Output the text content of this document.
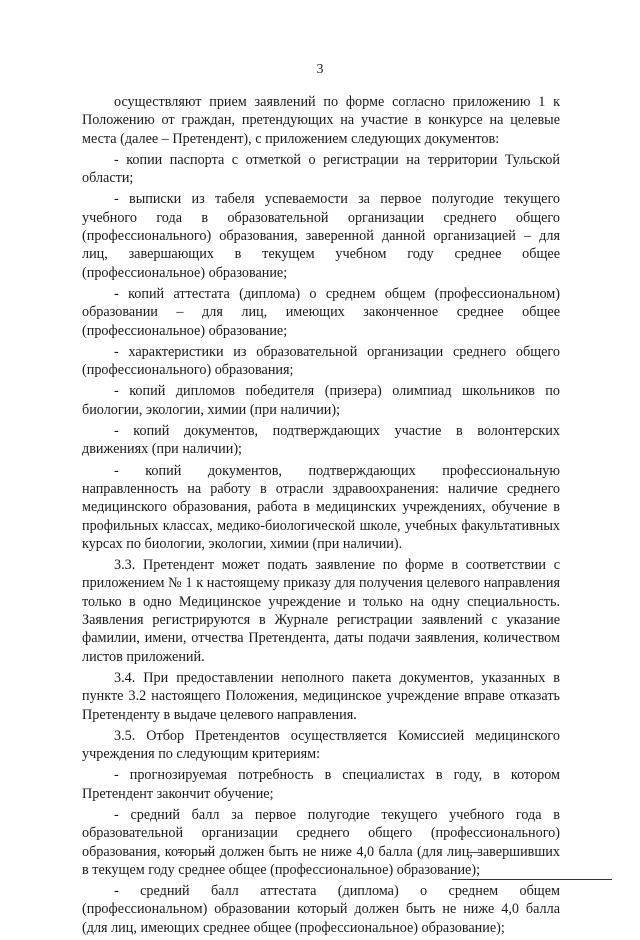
3

осуществляют прием заявлений по форме согласно приложению 1 к Положению от граждан, претендующих на участие в конкурсе на целевые места (далее – Претендент), с приложением следующих документов:

- копии паспорта с отметкой о регистрации на территории Тульской области;

- выписки из табеля успеваемости за первое полугодие текущего учебного года в образовательной организации среднего общего (профессионального) образования, заверенной данной организацией – для лиц, завершающих в текущем учебном году среднее общее (профессиональное) образование;

- копий аттестата (диплома) о среднем общем (профессиональном) образовании – для лиц, имеющих законченное среднее общее (профессиональное) образование;

- характеристики из образовательной организации среднего общего (профессионального) образования;

- копий дипломов победителя (призера) олимпиад школьников по биологии, экологии, химии (при наличии);

- копий документов, подтверждающих участие в волонтерских движениях (при наличии);

- копий документов, подтверждающих профессиональную направленность на работу в отрасли здравоохранения: наличие среднего медицинского образования, работа в медицинских учреждениях, обучение в профильных классах, медико-биологической школе, учебных факультативных курсах по биологии, экологии, химии (при наличии).

3.3. Претендент может подать заявление по форме в соответствии с приложением № 1 к настоящему приказу для получения целевого направления только в одно Медицинское учреждение и только на одну специальность. Заявления регистрируются в Журнале регистрации заявлений с указание фамилии, имени, отчества Претендента, даты подачи заявления, количеством листов приложений.

3.4. При предоставлении неполного пакета документов, указанных в пункте 3.2 настоящего Положения, медицинское учреждение вправе отказать Претенденту в выдаче целевого направления.

3.5. Отбор Претендентов осуществляется Комиссией медицинского учреждения по следующим критериям:

- прогнозируемая потребность в специалистах в году, в котором Претендент закончит обучение;

- средний балл за первое полугодие текущего учебного года в образовательной организации среднего общего (профессионального) образования, который должен быть не ниже 4,0 балла (для лиц, завершивших в текущем году среднее общее (профессиональное) образование);

- средний балл аттестата (диплома) о среднем общем (профессиональном) образовании который должен быть не ниже 4,0 балла (для лиц, имеющих среднее общее (профессиональное) образование);
